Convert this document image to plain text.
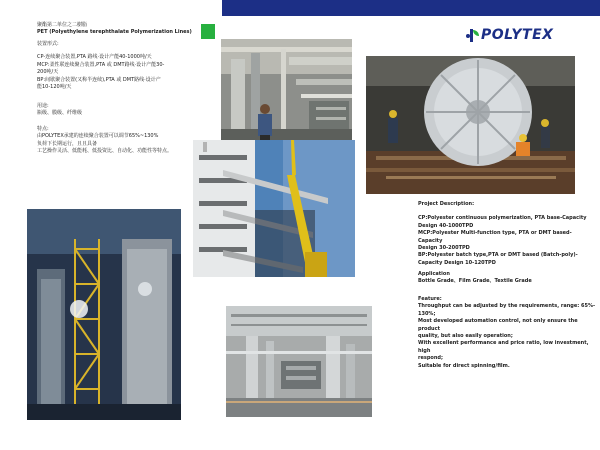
POLYTEX
聚酯第二单位之二樹脂
PET (Polyethylene terephthalate Polymerization Lines)
装置形式:
CP-连续聚合装置,PTA 路线·设计产能40-1000吨/天
MCP:柔性联连续聚合装置,PTA 或 DMT路线·设计产能30-
200吨/天
BP:间歇聚合装置(又称半连续),PTA 或 DMT路线·设计产
能10-120吨/天
用途:
瓶级、膜级、纤维级
特点:
由POLYTEX承建的连续聚合装置可以调节65%~130%
负荷下长期运行，且且具备
工艺操作灵活、低能耗、低投资比、自动化、功能性等特点。
Project Description:
CP:Polyester continuous polymerization, PTA base-Capacity
Design 40-1000TPD
MCP:Polyester Multi-function type, PTA or DMT based-Capacity
Design 30-200TPD
BP:Polyester batch type,PTA or DMT based (Batch-poly)-
Capacity Design 10-120TPD
Application
Bottle Grade、Film Grade、Textile Grade
Feature:
Throughput can be adjusted by the requirements, range: 65%-
130%;
Most developed automation control, not only ensure the product
quality, but also easily operation;
With excellent performance and price ratio, low investment, high
respond;
Suitable for direct spinning/film.
